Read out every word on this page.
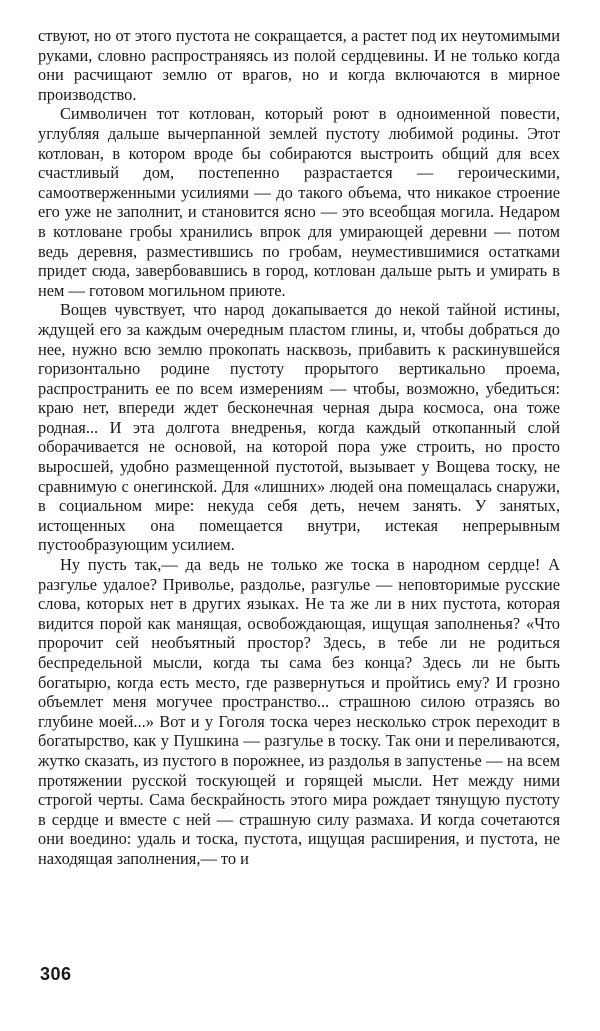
ствуют, но от этого пустота не сокращается, а растет под их неутомимыми руками, словно распространяясь из полой сердцевины. И не только когда они расчищают землю от врагов, но и когда включаются в мирное производство.

Символичен тот котлован, который роют в одноименной повести, углубляя дальше вычерпанной землей пустоту любимой родины. Этот котлован, в котором вроде бы собираются выстроить общий для всех счастливый дом, постепенно разрастается — героическими, самоотверженными усилиями — до такого объема, что никакое строение его уже не заполнит, и становится ясно — это всеобщая могила. Недаром в котловане гробы хранились впрок для умирающей деревни — потом ведь деревня, разместившись по гробам, неуместившимися остатками придет сюда, завербовавшись в город, котлован дальше рыть и умирать в нем — готовом могильном приюте.

Вощев чувствует, что народ докапывается до некой тайной истины, ждущей его за каждым очередным пластом глины, и, чтобы добраться до нее, нужно всю землю прокопать насквозь, прибавить к раскинувшейся горизонтально родине пустоту прорытого вертикально проема, распространить ее по всем измерениям — чтобы, возможно, убедиться: краю нет, впереди ждет бесконечная черная дыра космоса, она тоже родная... И эта долгота внедренья, когда каждый откопанный слой оборачивается не основой, на которой пора уже строить, но просто выросшей, удобно размещенной пустотой, вызывает у Вощева тоску, не сравнимую с онегинской. Для «лишних» людей она помещалась снаружи, в социальном мире: некуда себя деть, нечем занять. У занятых, истощенных она помещается внутри, истекая непрерывным пустообразующим усилием.

Ну пусть так,— да ведь не только же тоска в народном сердце! А разгулье удалое? Приволье, раздолье, разгулье — неповторимые русские слова, которых нет в других языках. Не та же ли в них пустота, которая видится порой как манящая, освобождающая, ищущая заполненья? «Что пророчит сей необъятный простор? Здесь, в тебе ли не родиться беспредельной мысли, когда ты сама без конца? Здесь ли не быть богатырю, когда есть место, где развернуться и пройтись ему? И грозно объемлет меня могучее пространство... страшною силою отразясь во глубине моей...» Вот и у Гоголя тоска через несколько строк переходит в богатырство, как у Пушкина — разгулье в тоску. Так они и переливаются, жутко сказать, из пустого в порожнее, из раздолья в запустенье — на всем протяжении русской тоскующей и горящей мысли. Нет между ними строгой черты. Сама бескрайность этого мира рождает тянущую пустоту в сердце и вместе с ней — страшную силу размаха. И когда сочетаются они воедино: удаль и тоска, пустота, ищущая расширения, и пустота, не находящая заполнения,— то и

306
